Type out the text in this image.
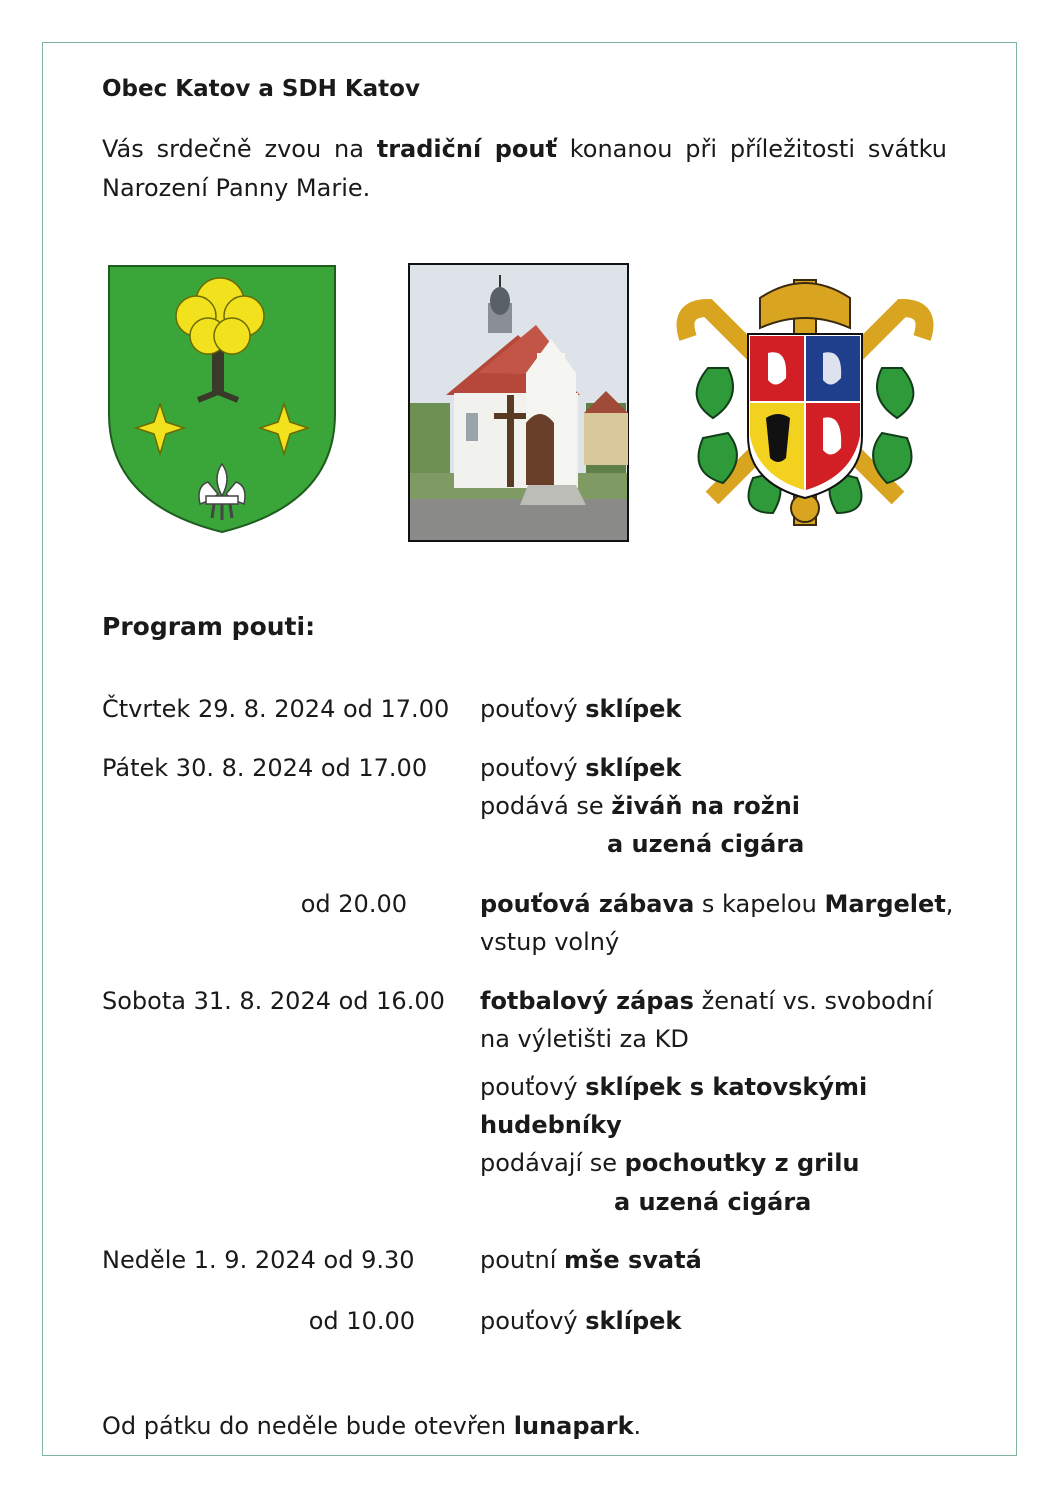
Obec Katov a SDH Katov
Vás srdečně zvou na tradiční pouť konanou při příležitosti svátku Narození Panny Marie.
Program pouti:
Čtvrtek 29. 8. 2024 od 17.00 pouťový sklípek
Pátek 30. 8. 2024 od 17.00 pouťový sklípek
podává se živáň na rožni
a uzená cigára
od 20.00	pouťová zábava s kapelou Margelet,
vstup volný
Sobota 31. 8. 2024 od 16.00 fotbalový zápas ženatí vs. svobodní
na výletišti za KD
pouťový sklípek s katovskými
hudebníky
podávají se pochoutky z grilu
a uzená cigára
Neděle 1. 9. 2024 od 9.30	poutní mše svatá
od 10.00	pouťový sklípek
Od pátku do neděle bude otevřen lunapark.
